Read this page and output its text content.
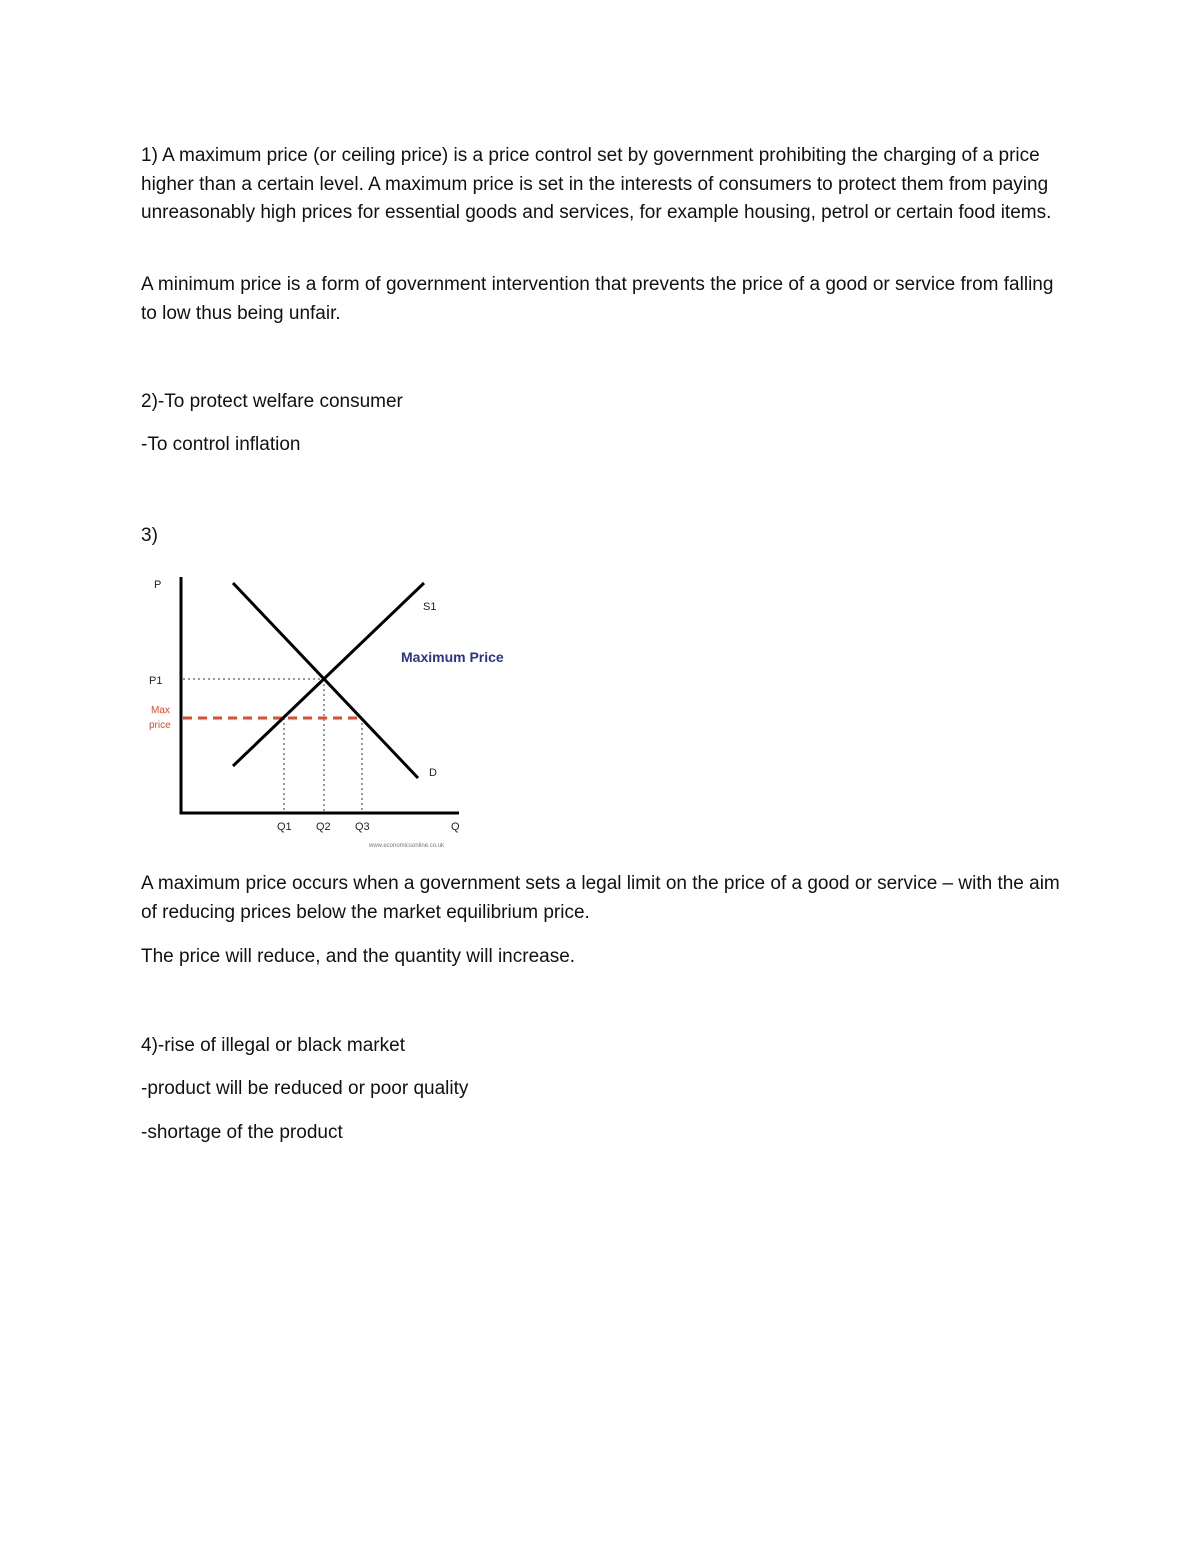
1) A maximum price (or ceiling price) is a price control set by government prohibiting the charging of a price higher than a certain level. A maximum price is set in the interests of consumers to protect them from paying unreasonably high prices for essential goods and services, for example housing, petrol or certain food items.

A minimum price is a form of government intervention that prevents the price of a good or service from falling to low thus being unfair.

2)-To protect welfare consumer

-To control inflation

3)

P
Q
S1
D
Maximum Price
P1
Max
price
Q1 Q2 Q3
www.economicsonline.co.uk

A maximum price occurs when a government sets a legal limit on the price of a good or service – with the aim of reducing prices below the market equilibrium price.

The price will reduce, and the quantity will increase.

4)-rise of illegal or black market

-product will be reduced or poor quality

-shortage of the product
